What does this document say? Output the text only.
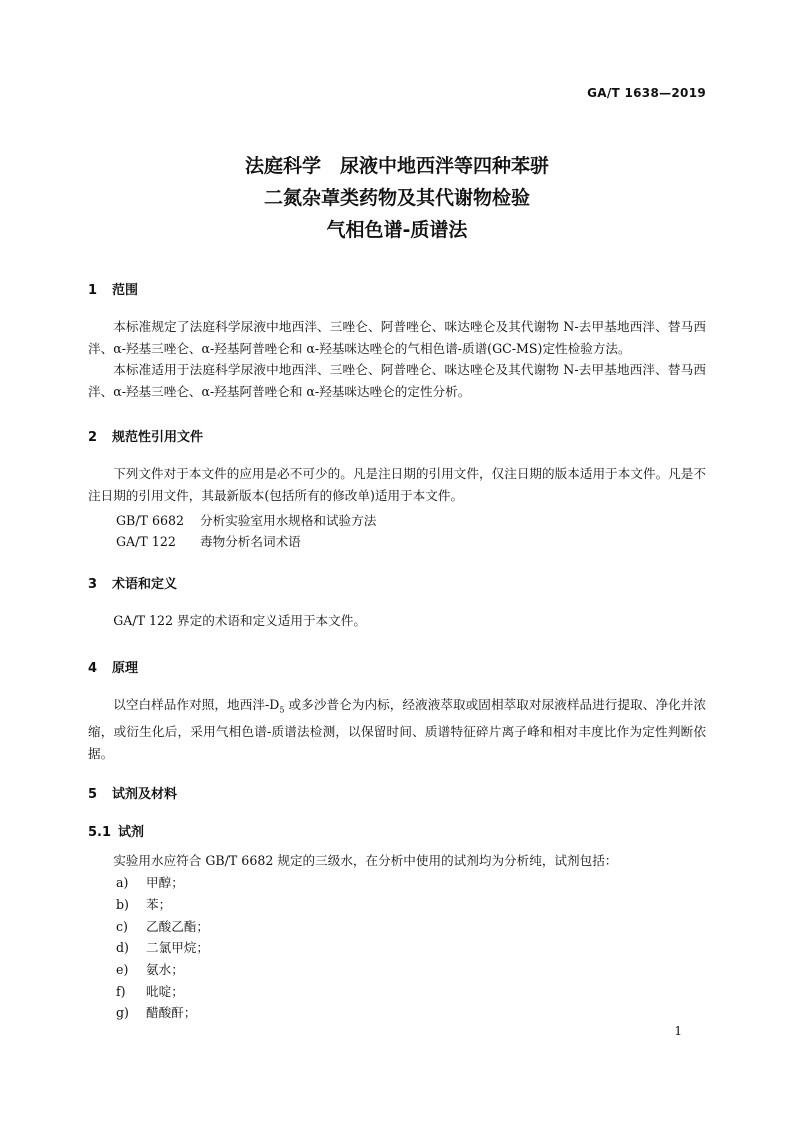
GA/T 1638—2019
法庭科学　尿液中地西泮等四种苯骈
二氮杂䓬类药物及其代谢物检验
气相色谱-质谱法
1 范围
本标准规定了法庭科学尿液中地西泮、三唑仑、阿普唑仑、咪达唑仑及其代谢物 N-去甲基地西泮、替马西泮、α-羟基三唑仑、α-羟基阿普唑仑和 α-羟基咪达唑仑的气相色谱-质谱(GC-MS)定性检验方法。
本标准适用于法庭科学尿液中地西泮、三唑仑、阿普唑仑、咪达唑仑及其代谢物 N-去甲基地西泮、替马西泮、α-羟基三唑仑、α-羟基阿普唑仑和 α-羟基咪达唑仑的定性分析。
2 规范性引用文件
下列文件对于本文件的应用是必不可少的。凡是注日期的引用文件，仅注日期的版本适用于本文件。凡是不注日期的引用文件，其最新版本(包括所有的修改单)适用于本文件。
GB/T 6682 分析实验室用水规格和试验方法
GA/T 122 毒物分析名词术语
3 术语和定义
GA/T 122 界定的术语和定义适用于本文件。
4 原理
以空白样品作对照，地西泮$-D_5$ 或多沙普仑为内标，经液液萃取或固相萃取对尿液样品进行提取、净化并浓缩，或衍生化后，采用气相色谱-质谱法检测，以保留时间、质谱特征碎片离子峰和相对丰度比作为定性判断依据。
5 试剂及材料
5.1 试剂
实验用水应符合 GB/T 6682 规定的三级水，在分析中使用的试剂均为分析纯，试剂包括：
a) 甲醇；
b) 苯；
c) 乙酸乙酯；
d) 二氯甲烷；
e) 氨水；
f) 吡啶；
g) 醋酸酐；
1
